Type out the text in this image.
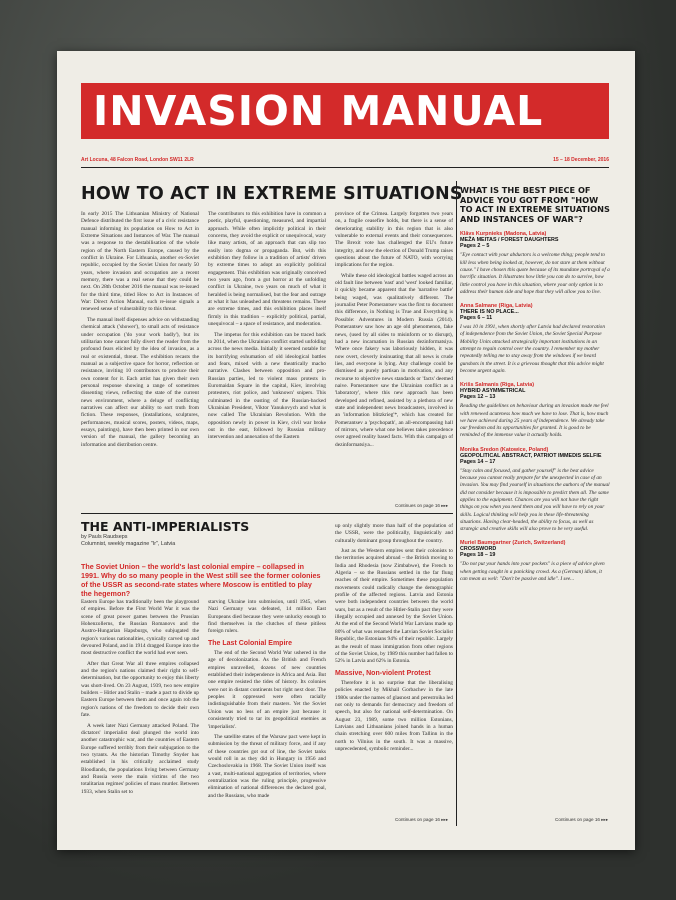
INVASION MANUAL
Art Locuna, 48 Falcon Road, London SW11 2LR	15 – 18 December, 2016
HOW TO ACT IN EXTREME SITUATIONS

In early 2015 The Lithuanian Ministry of National Defence distributed the first issue of a civic resistance manual informing its population on How to Act in Extreme Situations and Instances of War. The manual was a response to the destabilisation of the whole region of the North Eastern Europe, caused by the conflict in Ukraine. For Lithuania, another ex-Soviet republic, occupied by the Soviet Union for nearly 50 years, where invasion and occupation are a recent memory, there was a real sense that they could be next. On 28th October 2016 the manual was re-issued for the third time, titled How to Act in Instances of War: Direct Action Manual, such re-issue signals a renewed sense of vulnerability to this threat.

The manual itself dispenses advice on withstanding chemical attack ('shower'), to small acts of resistance under occupation ('do your work badly'), but its utilitarian tone cannot fully divert the reader from the profound fears elicited by the idea of invasion, as a real or existential, threat. The exhibition recasts the manual as a subjective space for horror, reflection or resistance, inviting 10 contributors to produce their own content for it. Each artist has given their own personal response showing a range of sometimes dissenting views, reflecting the state of the current news environment, where a deluge of conflicting narratives can affect our ability to sort truth from fiction. These responses, (installations, sculptures, performances, musical scores, posters, videos, maps, essays, paintings), have then been printed in our own version of the manual, the gallery becoming an information and distribution centre.

The contributors to this exhibition have in common a poetic, playful, questioning, measured, and impartial approach. While often implicitly political in their concerns, they avoid the explicit or unequivocal, wary like many artists, of an approach that can slip too easily into dogma or propaganda. But, with this exhibition they follow in a tradition of artists' driven by extreme times to adopt an explicitly political engagement. This exhibition was originally conceived two years ago, from a gut horror at the unfolding conflict in Ukraine, two years on much of what it heralded is being normalised, but the fear and outrage at what it has unleashed and threatens remains. These are extreme times, and this exhibition places itself firmly in this tradition – explicitly political, partial, unequivocal – a space of resistance, and moderation.

The impetus for this exhibition can be traced back to 2014, when the Ukrainian conflict started unfolding across the news media. Initially it seemed notable for its horrifying exhumation of old ideological battles and fears, mixed with a new theatrically macho narrative. Clashes between opposition and pro-Russian parties, led to violent mass protests in Euromaidan Square in the capital, Kiev, involving protesters, riot police, and 'unknown' snipers. This culminated in the ousting of the Russian-backed Ukrainian President, Viktor Yanukovych and what is now called The Ukrainian Revolution. With the opposition newly in power in Kiev, civil war broke out in the east, followed by Russian military intervention and annexation of the Eastern

province of the Crimea. Largely forgotten two years on, a fragile ceasefire holds, but there is a sense of deteriorating stability in this region that is also vulnerable to external events and their consequences. The Brexit vote has challenged the EU's future integrity, and now the election of Donald Trump raises questions about the future of NATO, with worrying implications for the region.

While these old ideological battles waged across an old fault line between 'east' and 'west' looked familiar, it quickly became apparent that the 'narrative battle' being waged, was qualitatively different. The journalist Peter Pomerantsev was the first to document this difference, in Nothing is True and Everything is Possible: Adventures in Modern Russia (2014). Pomerantsev saw how an age old phenomenon, fake news, (used by all sides to misinform or to disrupt), had a new incarnation in Russian dezinformatsiya. Where once fakery was laboriously hidden, it was now overt, cleverly insinuating that all news is crude lies, and everyone is lying. Any challenge could be dismissed as purely partisan in motivation, and any recourse to objective news standards or 'facts' deemed naive. Pomerantsev saw the Ukrainian conflict as a 'laboratory', where this new approach has been developed and refined, assisted by a plethora of new state and independent news broadcasters, involved in an 'information blitzkrieg'*, which has created for Pomerantsev a 'psychopath', an all-encompassing hall of mirrors, where what one believes takes precedence over agreed reality based facts. With this campaign of dezinformatsiya...

Continues on page 16 ▸▸▸
THE ANTI-IMPERIALISTS
by Pauls Raudseps
Columnist, weekly magazine "Ir", Latvia
The Soviet Union – the world's last colonial empire – collapsed in 1991. Why do so many people in the West still see the former colonies of the USSR as second-rate states where Moscow is entitled to play the hegemon?

Eastern Europe has traditionally been the playground of empires. Before the First World War it was the scene of great power games between the Prussian Hohenzollerns, the Russian Romanovs and the Austro-Hungarian Hapsburgs, who subjugated the region's various nationalities, cynically carved up and devoured Poland, and in 1914 dragged Europe into the most destructive conflict the world had ever seen.

After that Great War all three empires collapsed and the region's nations claimed their right to self-determination, but the opportunity to enjoy this liberty was short-lived. On 23 August, 1939, two new empire builders – Hitler and Stalin – made a pact to divide up Eastern Europe between them and once again rob the region's nations of the freedom to decide their own fate.

A week later Nazi Germany attacked Poland. The dictators' imperialist deal plunged the world into another catastrophic war, and the countries of Eastern Europe suffered terribly from their subjugation to the two tyrants. As the historian Timothy Snyder has established in his critically acclaimed study Bloodlands, the populations living between Germany and Russia were the main victims of the two totalitarian regimes' policies of mass murder. Between 1933, when Stalin set to

starving Ukraine into submission, until 1945, when Nazi Germany was defeated, 14 million East Europeans died because they were unlucky enough to find themselves in the clutches of these pitiless foreign rulers.

The Last Colonial Empire

The end of the Second World War ushered in the age of decolonization. As the British and French empires unravelled, dozens of new countries established their independence in Africa and Asia. But one empire resisted the tides of history. Its colonies were not in distant continents but right next door. The peoples it oppressed were often racially indistinguishable from their masters. Yet the Soviet Union was no less of an empire just because it consistently tried to tar its geopolitical enemies as 'imperialists'.

The satellite states of the Warsaw pact were kept in submission by the threat of military force, and if any of these countries got out of line, the Soviet tanks would roll in as they did in Hungary in 1956 and Czechoslovakia in 1968. The Soviet Union itself was a vast, multi-national aggregation of territories, where centralization was the ruling principle, progressive elimination of national differences the declared goal, and the Russians, who made

up only slightly more than half of the population of the USSR, were the politically, linguistically and culturally dominant group throughout the country.

Just as the Western empires sent their colonists to the territories acquired abroad – the British moving to India and Rhodesia (now Zimbabwe), the French to Algeria – so the Russians settled in the far flung reaches of their empire. Sometimes these population movements could radically change the demographic profile of the affected regions. Latvia and Estonia were both independent countries between the world wars, but as a result of the Hitler-Stalin pact they were illegally occupied and annexed by the Soviet Union. At the end of the Second World War Latvians made up 80% of what was renamed the Latvian Soviet Socialist Republic, the Estonians 94% of their republic. Largely as the result of mass immigration from other regions of the Soviet Union, by 1989 this number had fallen to 52% in Latvia and 62% in Estonia.

Massive, Non-violent Protest

Therefore it is no surprise that the liberalising policies enacted by Mikhail Gorbachev in the late 1980s under the names of glasnost and perestroika led not only to demands for democracy and freedom of speech, but also for national self-determination. On August 23, 1989, some two million Estonians, Latvians and Lithuanians joined hands in a human chain stretching over 600 miles from Tallinn in the north to Vilnius in the south. It was a massive, unprecedented, symbolic reminder...

Continues on page 16 ▸▸▸
WHAT IS THE BEST PIECE OF ADVICE YOU GOT FROM "HOW TO ACT IN EXTREME SITUATIONS AND INSTANCES OF WAR"?
Klāvs Kurpnieks (Madona, Latvia)
MEŽA MEITAS / FOREST DAUGHTERS
Pages 2 – 5
"Eye contact with your abductors is a welcome thing; people tend to kill less when being looked at, however, do not stare at them without cause." I have chosen this quote because of its mundane portrayal of a horrific situation. It illustrates how little you can do to survive, how little control you have in this situation, where your only option is to address their human side and hope that they will allow you to live.
Anna Salmane (Riga, Latvia)
THERE IS NO PLACE...
Pages 6 – 11
I was 10 in 1991, when shortly after Latvia had declared restoration of independence from the Soviet Union, the Soviet Special Purpose Mobility Units attacked strategically important institutions in an attempt to regain control over the country. I remember my mother repeatedly telling me to stay away from the windows if we heard gunshots in the street. It is a grievous thought that this advice might become urgent again.
Krišs Salmanis (Riga, Latvia)
HYBRID ASYMMETRICAL
Pages 12 – 13
Reading the guidelines on behaviour during an invasion made me feel with renewed acuteness how much we have to lose. That is, how much we have achieved during 25 years of independence. We already take our freedom and its opportunities for granted. It is good to be reminded of the immense value it actually holds.
Monika Sredon (Katowice, Poland)
GEOPOLITICAL ABSTRACT, PATRIOT IMMEDIS SELFIE
Pages 14 – 17
"Stay calm and focused, and gather yourself" is the best advice because you cannot really prepare for the unexpected in case of an invasion. You may find yourself in situations the authors of the manual did not consider because it is impossible to predict them all. The same applies to the equipment. Chances are you will not have the right things on you when you need them and you will have to rely on your skills. Logical thinking will help you in these life-threatening situations. Having clear-headed, the ability to focus, as well as strategic and creative skills will also prove to be very useful.
Muriel Baumgartner (Zurich, Switzerland)
CROSSWORD
Pages 18 – 19
"Do not put your hands into your pockets" is a piece of advice given when getting caught in a panicking crowd. As a (German) idiom, it can mean as well: "Don't be passive and idle". I see...
Continues on page 16 ▸▸▸
